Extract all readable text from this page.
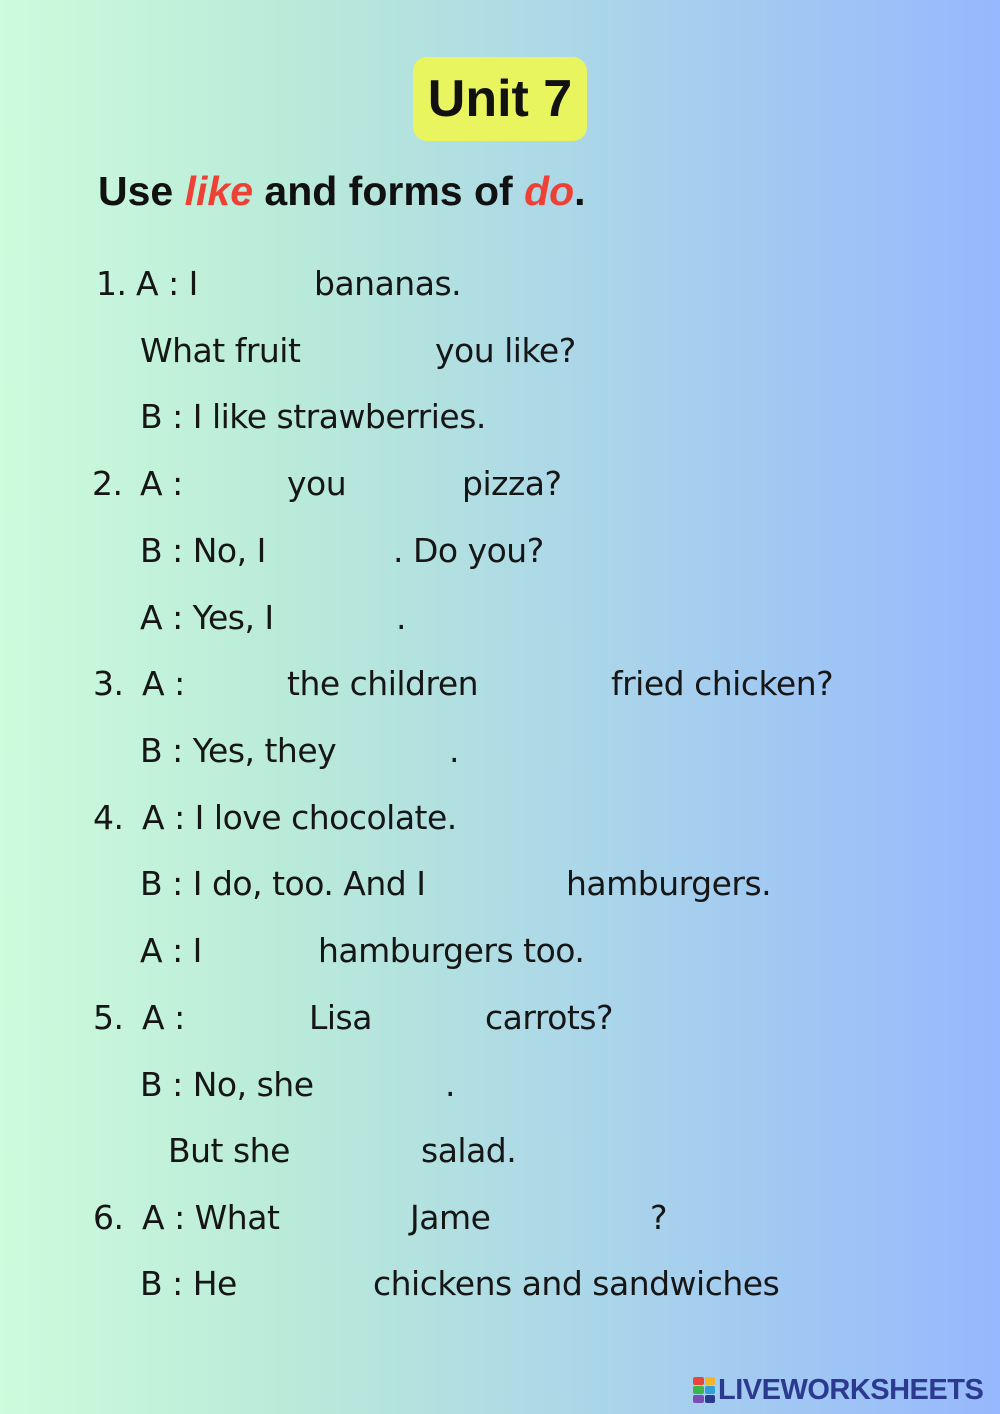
Unit 7
Use like and forms of do.
1. A : I	bananas.
What fruit	you like?
B : I like strawberries.
2. A :	you	pizza?
B : No, I	. Do you?
A : Yes, I	.
3. A :	the children	fried chicken?
B : Yes, they	.
4. A : I love chocolate.
B : I do, too. And I	hamburgers.
A : I	hamburgers too.
5. A :	Lisa	carrots?
B : No, she	.
But she	salad.
6. A : What	Jame	?
B : He	chickens and sandwiches
LIVEWORKSHEETS
